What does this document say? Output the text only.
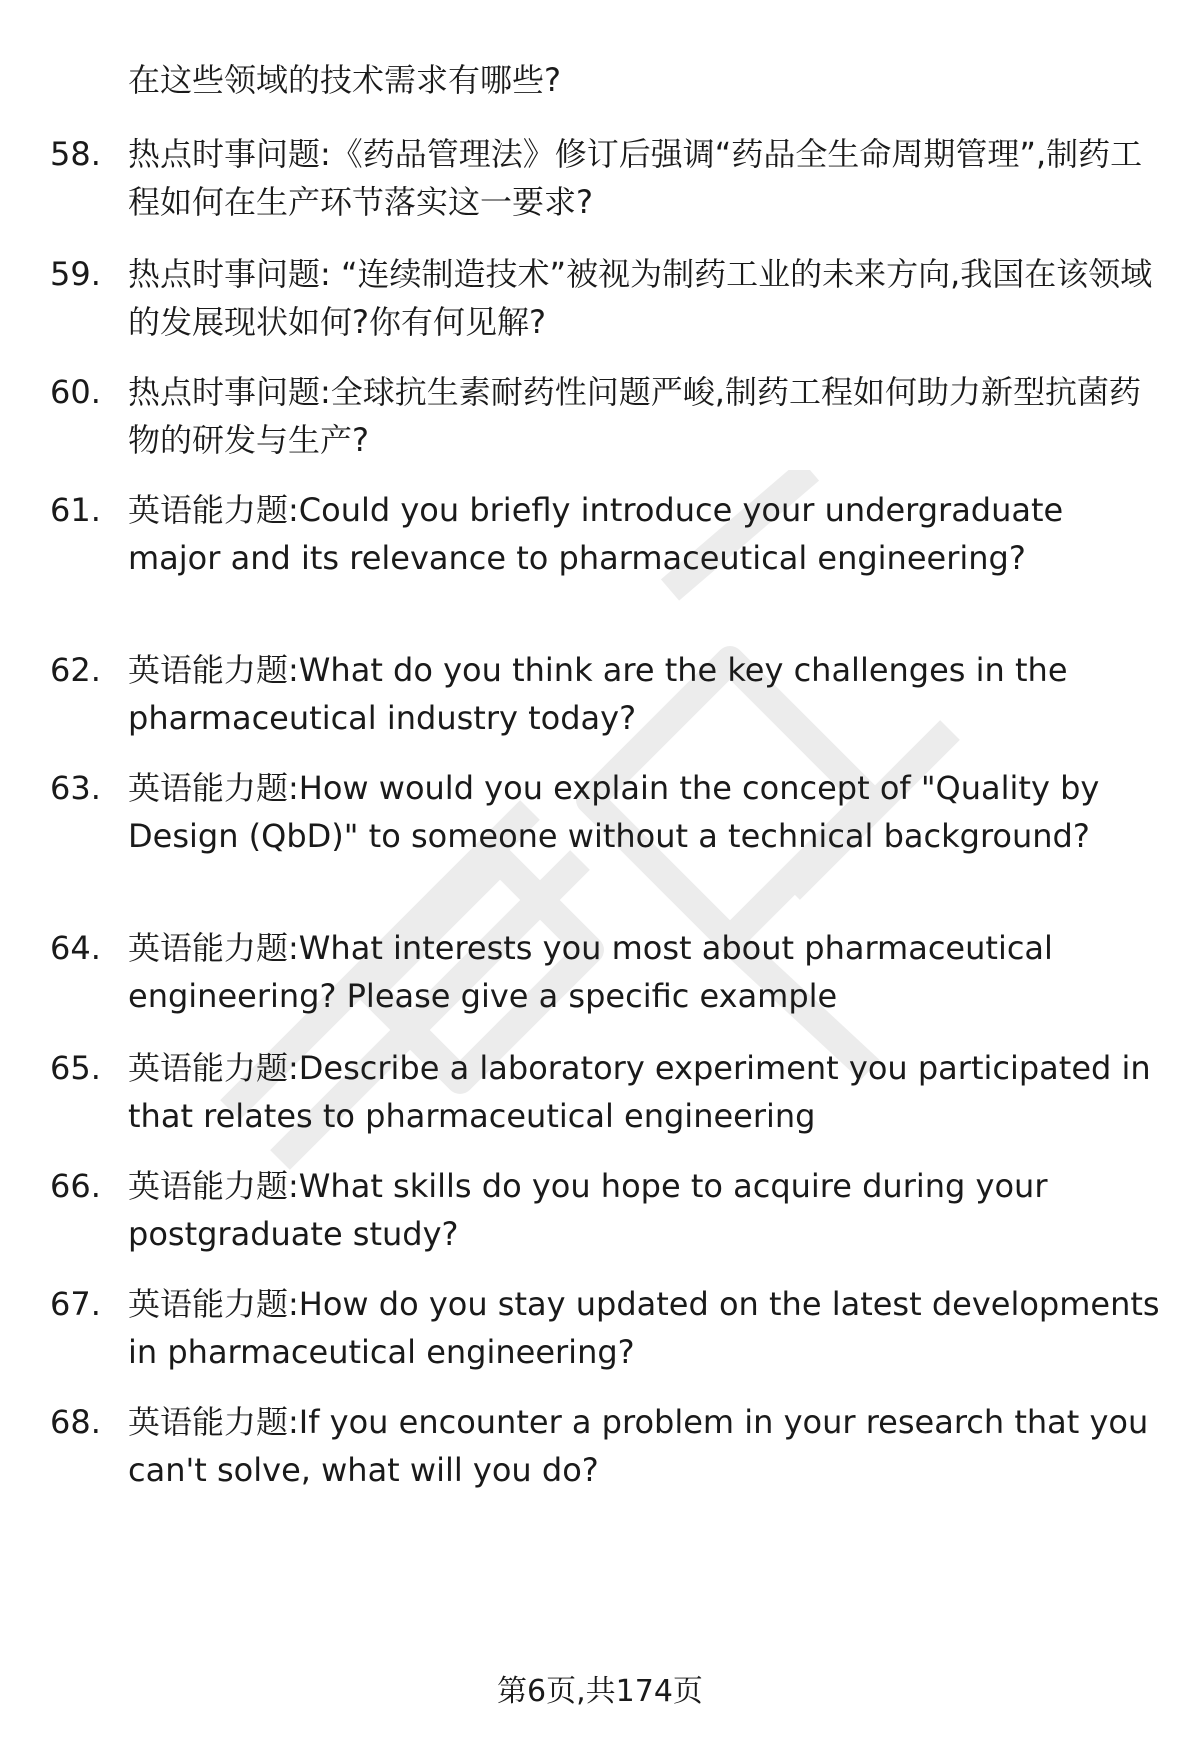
在这些领域的技术需求有哪些?

58. 热点时事问题:《药品管理法》修订后强调“药品全生命周期管理”,制药工程如何在生产环节落实这一要求?
59. 热点时事问题: “连续制造技术”被视为制药工业的未来方向,我国在该领域的发展现状如何?你有何见解?
60. 热点时事问题:全球抗生素耐药性问题严峻,制药工程如何助力新型抗菌药物的研发与生产?
61. 英语能力题:Could you briefly introduce your undergraduate major and its relevance to pharmaceutical engineering?
62. 英语能力题:What do you think are the key challenges in the pharmaceutical industry today?
63. 英语能力题:How would you explain the concept of "Quality by Design (QbD)" to someone without a technical background?
64. 英语能力题:What interests you most about pharmaceutical engineering? Please give a specific example
65. 英语能力题:Describe a laboratory experiment you participated in that relates to pharmaceutical engineering
66. 英语能力题:What skills do you hope to acquire during your postgraduate study?
67. 英语能力题:How do you stay updated on the latest developments in pharmaceutical engineering?
68. 英语能力题:If you encounter a problem in your research that you can't solve, what will you do?
第6页,共174页
